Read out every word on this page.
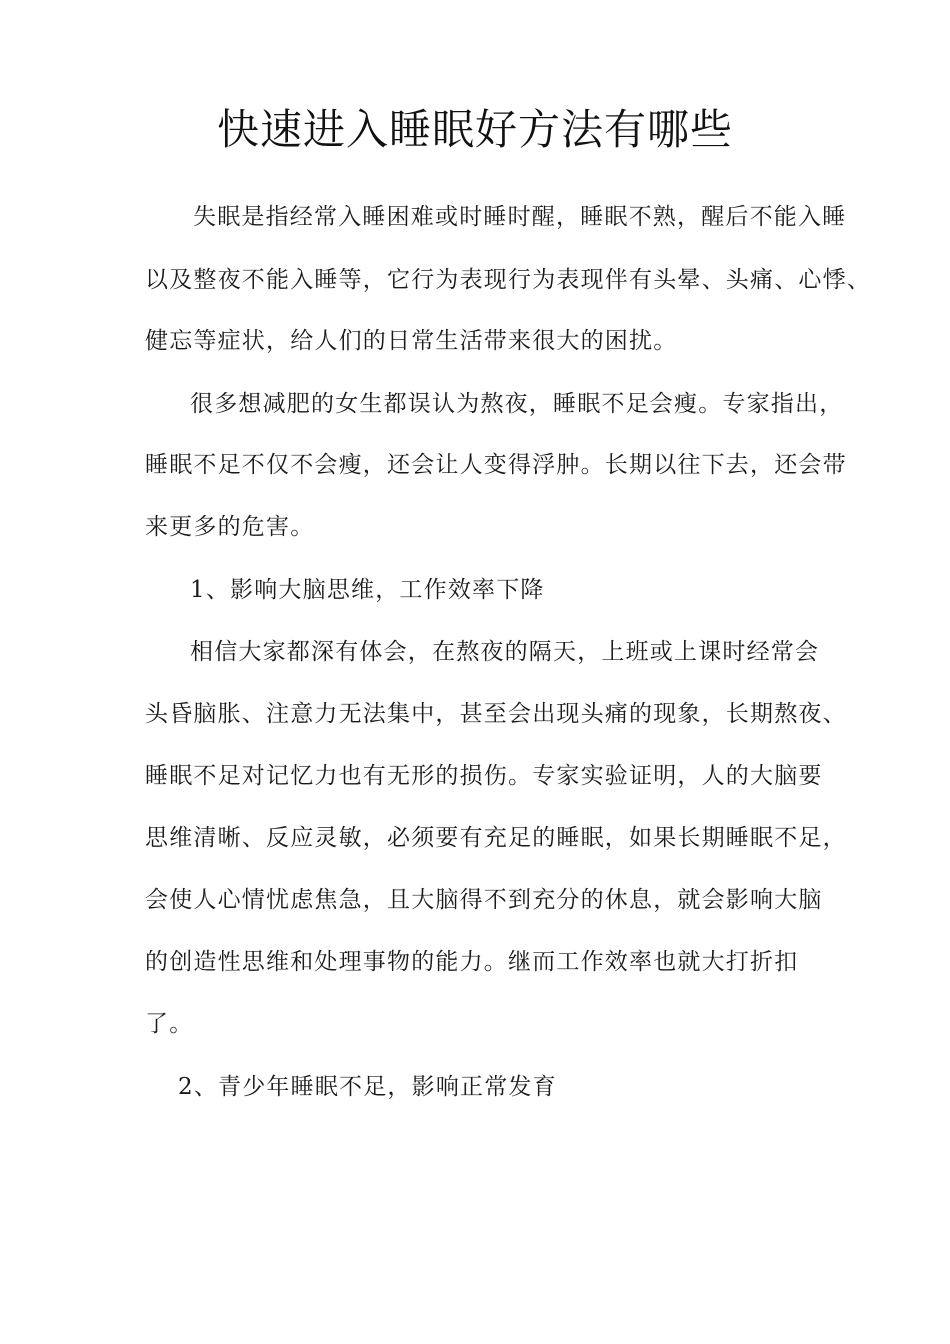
快速进入睡眠好方法有哪些

失眠是指经常入睡困难或时睡时醒，睡眠不熟，醒后不能入睡

以及整夜不能入睡等，它行为表现行为表现伴有头晕、头痛、心悸、

健忘等症状，给人们的日常生活带来很大的困扰。

很多想减肥的女生都误认为熬夜，睡眠不足会瘦。专家指出，

睡眠不足不仅不会瘦，还会让人变得浮肿。长期以往下去，还会带

来更多的危害。

1、影响大脑思维，工作效率下降

相信大家都深有体会，在熬夜的隔天，上班或上课时经常会

头昏脑胀、注意力无法集中，甚至会出现头痛的现象，长期熬夜、

睡眠不足对记忆力也有无形的损伤。专家实验证明，人的大脑要

思维清晰、反应灵敏，必须要有充足的睡眠，如果长期睡眠不足，

会使人心情忧虑焦急，且大脑得不到充分的休息，就会影响大脑

的创造性思维和处理事物的能力。继而工作效率也就大打折扣

了。

2、青少年睡眠不足，影响正常发育
